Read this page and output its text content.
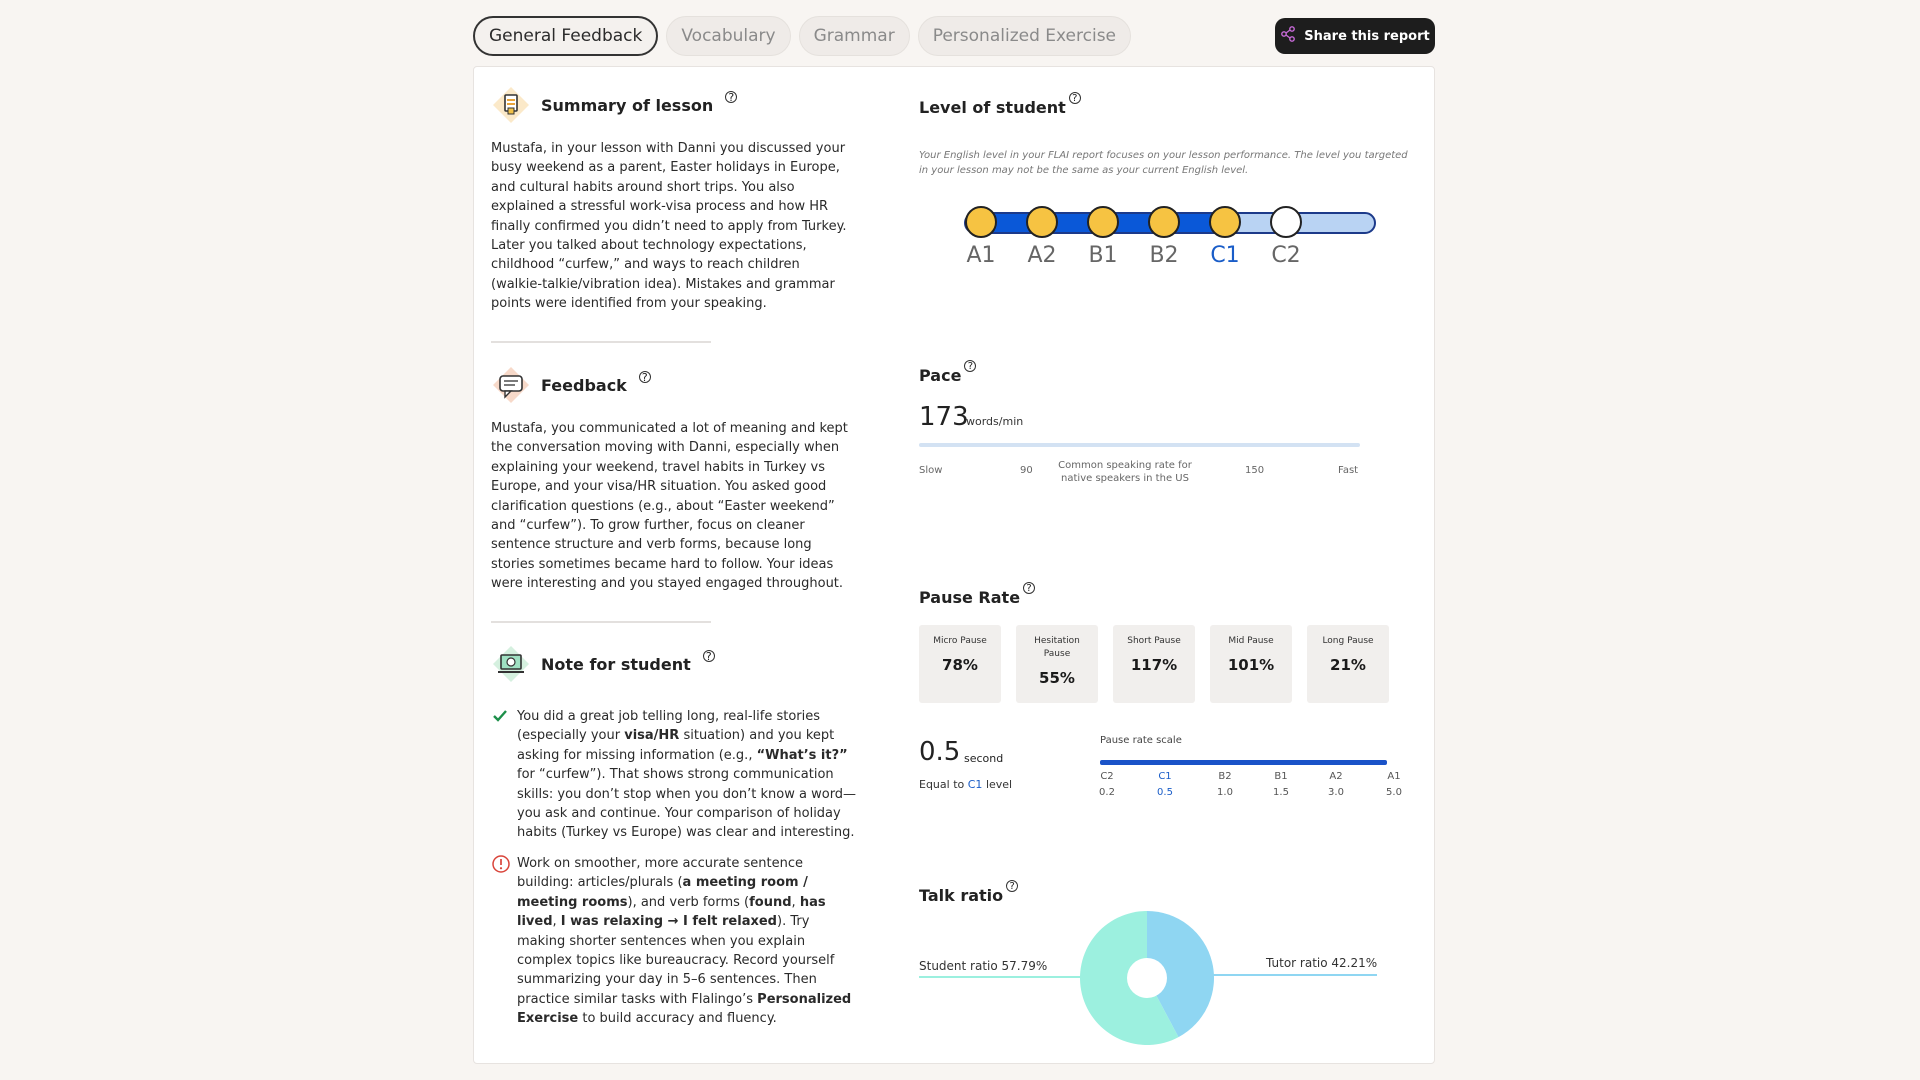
General Feedback	Vocabulary	Grammar	Personalized Exercise	Share this report
Summary of lesson ?
Mustafa, in your lesson with Danni you discussed your busy weekend as a parent, Easter holidays in Europe, and cultural habits around short trips. You also explained a stressful work-visa process and how HR finally confirmed you didn’t need to apply from Turkey. Later you talked about technology expectations, childhood “curfew,” and ways to reach children (walkie-talkie/vibration idea). Mistakes and grammar points were identified from your speaking.
Feedback ?
Mustafa, you communicated a lot of meaning and kept the conversation moving with Danni, especially when explaining your weekend, travel habits in Turkey vs Europe, and your visa/HR situation. You asked good clarification questions (e.g., about “Easter weekend” and “curfew”). To grow further, focus on cleaner sentence structure and verb forms, because long stories sometimes became hard to follow. Your ideas were interesting and you stayed engaged throughout.
Note for student ?
You did a great job telling long, real-life stories (especially your visa/HR situation) and you kept asking for missing information (e.g., “What’s it?” for “curfew”). That shows strong communication skills: you don’t stop when you don’t know a word—you ask and continue. Your comparison of holiday habits (Turkey vs Europe) was clear and interesting.
Work on smoother, more accurate sentence building: articles/plurals (a meeting room / meeting rooms), and verb forms (found, has lived, I was relaxing → I felt relaxed). Try making shorter sentences when you explain complex topics like bureaucracy. Record yourself summarizing your day in 5–6 sentences. Then practice similar tasks with Flalingo’s Personalized Exercise to build accuracy and fluency.
Level of student ?
Your English level in your FLAI report focuses on your lesson performance. The level you targeted in your lesson may not be the same as your current English level.
A1 A2 B1 B2 C1 C2
Pace ?
173
words/min
Slow	90	Common speaking rate for native speakers in the US
150	Fast
Pause Rate ?
Micro Pause
78%
Hesitation Pause
55%
Short Pause
117%
Mid Pause
101%
Long Pause
21%
0.5 second
Equal to C1 level
Pause rate scale
C2
0.2
C1
0.5
B2
1.0
B1
1.5
A2
3.0
A1
5.0
Talk ratio ?
Student ratio 57.79%	Tutor ratio 42.21%
